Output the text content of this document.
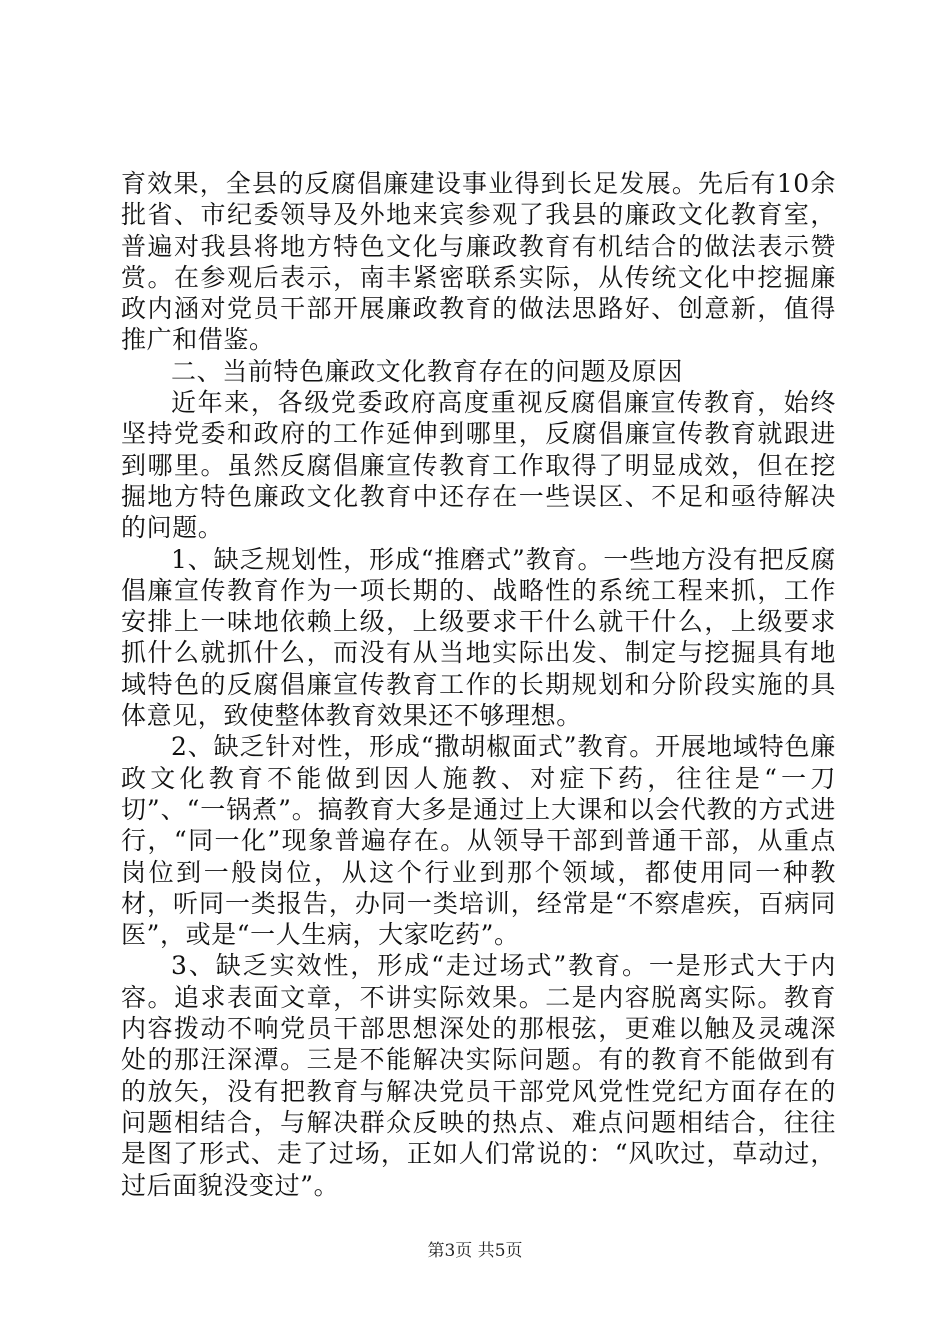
育效果，全县的反腐倡廉建设事业得到长足发展。先后有10余批省、市纪委领导及外地来宾参观了我县的廉政文化教育室，普遍对我县将地方特色文化与廉政教育有机结合的做法表示赞赏。在参观后表示，南丰紧密联系实际，从传统文化中挖掘廉政内涵对党员干部开展廉政教育的做法思路好、创意新，值得推广和借鉴。

二、当前特色廉政文化教育存在的问题及原因

近年来，各级党委政府高度重视反腐倡廉宣传教育，始终坚持党委和政府的工作延伸到哪里，反腐倡廉宣传教育就跟进到哪里。虽然反腐倡廉宣传教育工作取得了明显成效，但在挖掘地方特色廉政文化教育中还存在一些误区、不足和亟待解决的问题。

1、缺乏规划性，形成“推磨式”教育。一些地方没有把反腐倡廉宣传教育作为一项长期的、战略性的系统工程来抓，工作安排上一味地依赖上级，上级要求干什么就干什么，上级要求抓什么就抓什么，而没有从当地实际出发、制定与挖掘具有地域特色的反腐倡廉宣传教育工作的长期规划和分阶段实施的具体意见，致使整体教育效果还不够理想。

2、缺乏针对性，形成“撒胡椒面式”教育。开展地域特色廉政文化教育不能做到因人施教、对症下药，往往是“一刀切”、“一锅煮”。搞教育大多是通过上大课和以会代教的方式进行，“同一化”现象普遍存在。从领导干部到普通干部，从重点岗位到一般岗位，从这个行业到那个领域，都使用同一种教材，听同一类报告，办同一类培训，经常是“不察虐疾，百病同医”，或是“一人生病，大家吃药”。

3、缺乏实效性，形成“走过场式”教育。一是形式大于内容。追求表面文章，不讲实际效果。二是内容脱离实际。教育内容拨动不响党员干部思想深处的那根弦，更难以触及灵魂深处的那汪深潭。三是不能解决实际问题。有的教育不能做到有的放矢，没有把教育与解决党员干部党风党性党纪方面存在的问题相结合，与解决群众反映的热点、难点问题相结合，往往是图了形式、走了过场，正如人们常说的：“风吹过，草动过，过后面貌没变过”。

第3页 共5页
